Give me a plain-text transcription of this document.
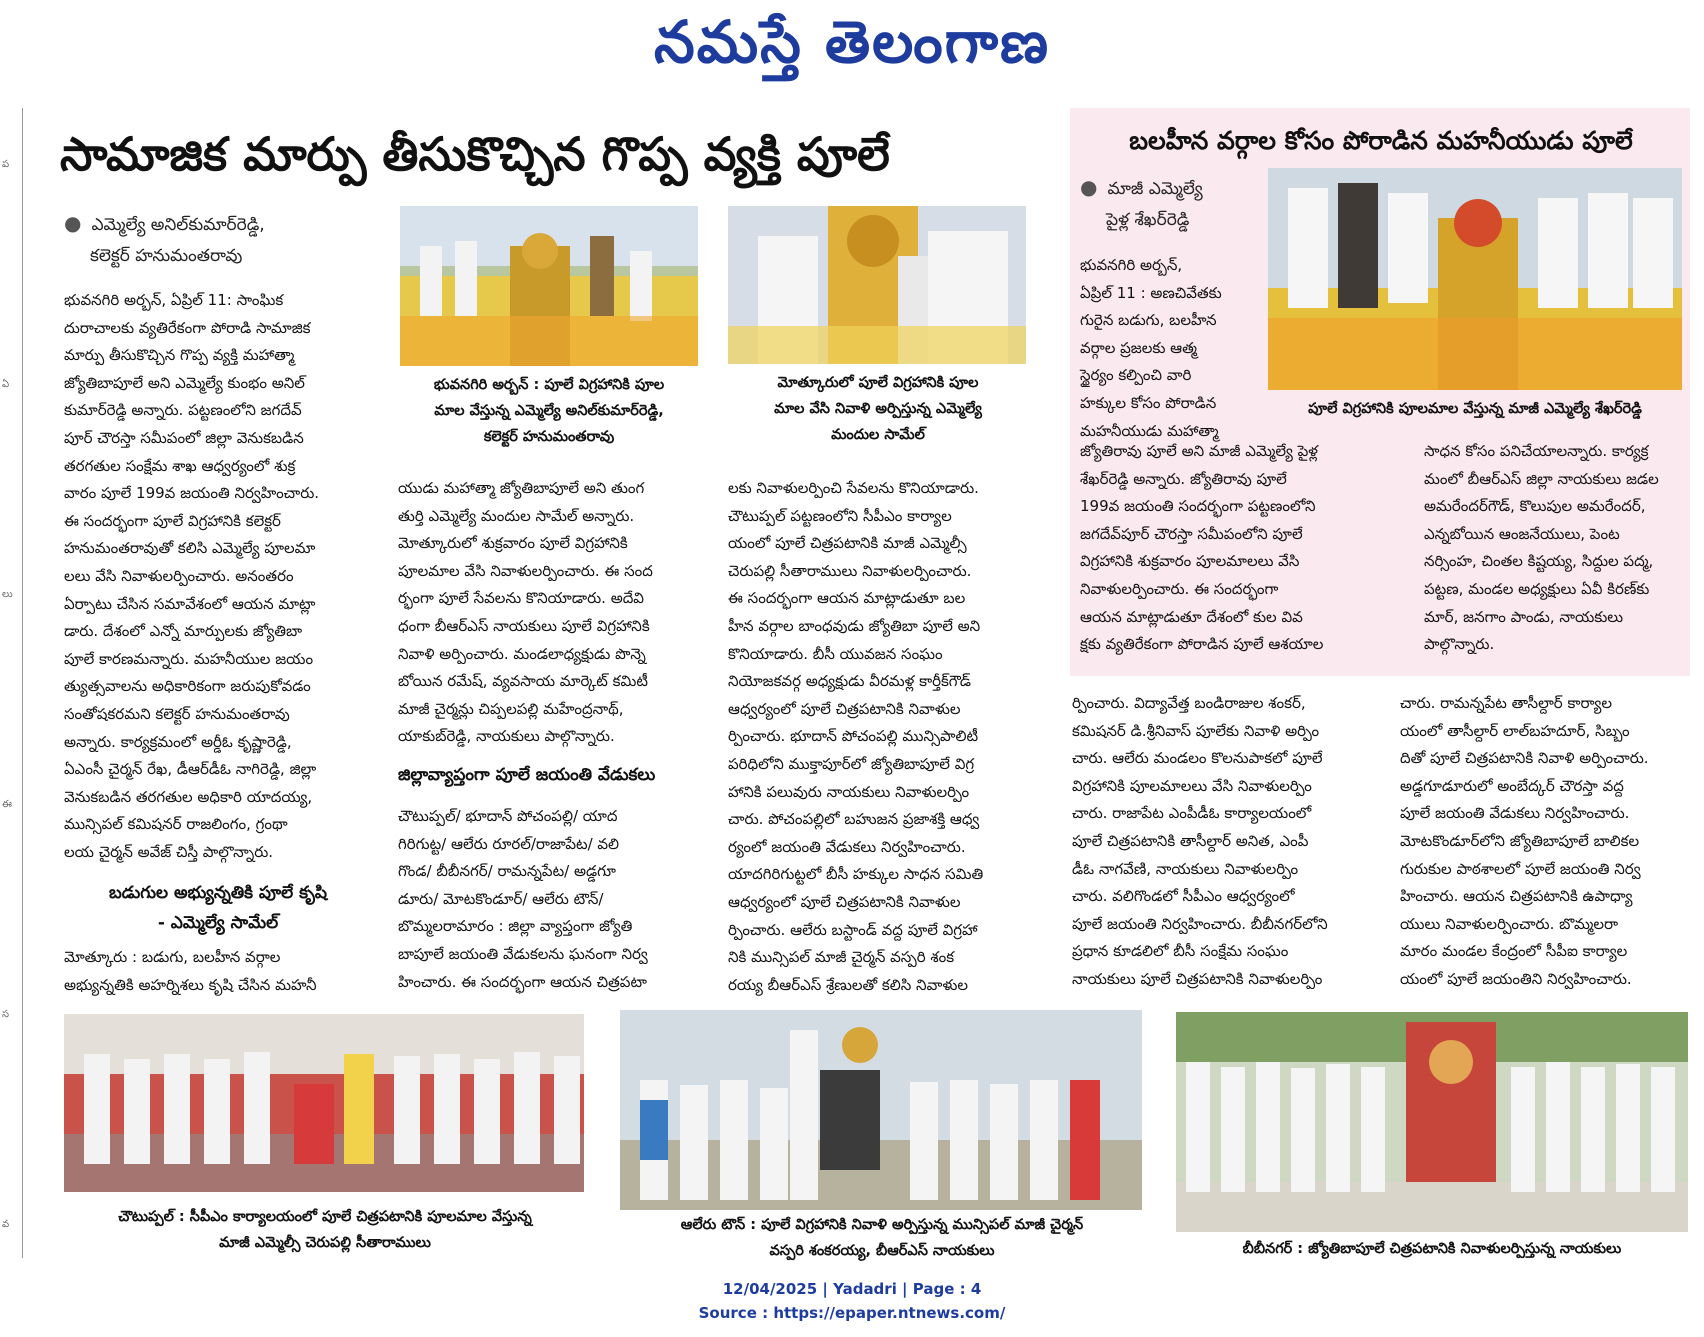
నమస్తే తెలంగాణ
ప
ఏ
లు
ఈ
స
వ
సామాజిక మార్పు తీసుకొచ్చిన గొప్ప వ్యక్తి పూలే
● ఎమ్మెల్యే అనిల్‌కుమార్‌రెడ్డి,
కలెక్టర్ హనుమంతరావు
భువనగిరి అర్బన్, ఏప్రిల్ 11: సాంఘిక
దురాచాలకు వ్యతిరేకంగా పోరాడి సామాజిక
మార్పు తీసుకొచ్చిన గొప్ప వ్యక్తి మహాత్మా
జ్యోతిబాపూలే అని ఎమ్మెల్యే కుంభం అనిల్
కుమార్‌రెడ్డి అన్నారు. పట్టణంలోని జగదేవ్
పూర్ చౌరస్తా సమీపంలో జిల్లా వెనుకబడిన
తరగతుల సంక్షేమ శాఖ ఆధ్వర్యంలో శుక్ర
వారం పూలే 199వ జయంతి నిర్వహించారు.
ఈ సందర్భంగా పూలే విగ్రహానికి కలెక్టర్
హనుమంతరావుతో కలిసి ఎమ్మెల్యే పూలమా
లలు వేసి నివాళులర్పించారు. అనంతరం
ఏర్పాటు చేసిన సమావేశంలో ఆయన మాట్లా
డారు. దేశంలో ఎన్నో మార్పులకు జ్యోతిబా
పూలే కారణమన్నారు. మహనీయుల జయం
త్యుత్సవాలను అధికారికంగా జరుపుకోవడం
సంతోషకరమని కలెక్టర్ హనుమంతరావు
అన్నారు. కార్యక్రమంలో అర్డీఓ కృష్ణారెడ్డి,
ఏఎంసీ చైర్మన్ రేఖ, డీఆర్‌డీఓ నాగిరెడ్డి, జిల్లా
వెనుకబడిన తరగతుల అధికారి యాదయ్య,
మున్సిపల్ కమిషనర్ రాజలింగం, గ్రంథా
లయ చైర్మన్ అవేజ్ చిస్తీ పాల్గొన్నారు.
బడుగుల అభ్యున్నతికి పూలే కృషి
- ఎమ్మెల్యే సామేల్
మోత్కూరు : బడుగు, బలహీన వర్గాల
అభ్యున్నతికి అహర్నిశలు కృషి చేసిన మహనీ
భువనగిరి అర్బన్ : పూలే విగ్రహానికి పూల
మాల వేస్తున్న ఎమ్మెల్యే అనిల్‌కుమార్‌రెడ్డి,
కలెక్టర్ హనుమంతరావు
మోత్కూరులో పూలే విగ్రహానికి పూల
మాల వేసి నివాళి అర్పిస్తున్న ఎమ్మెల్యే
మందుల సామేల్
యుడు మహాత్మా జ్యోతిబాపూలే అని తుంగ
తుర్తి ఎమ్మెల్యే మందుల సామేల్ అన్నారు.
మోత్కూరులో శుక్రవారం పూలే విగ్రహానికి
పూలమాల వేసి నివాళులర్పించారు. ఈ సంద
ర్భంగా పూలే సేవలను కొనియాడారు. అదేవి
ధంగా బీఆర్ఎస్ నాయకులు పూలే విగ్రహానికి
నివాళి అర్పించారు. మండలాధ్యక్షుడు పొన్నె
బోయిన రమేష్, వ్యవసాయ మార్కెట్ కమిటీ
మాజీ చైర్మన్లు చిప్పలపల్లి మహేంద్రనాథ్,
యాకుబ్‌రెడ్డి, నాయకులు పాల్గొన్నారు.
జిల్లావ్యాప్తంగా పూలే జయంతి వేడుకలు
చౌటుప్పల్/ భూదాన్ పోచంపల్లి/ యాద
గిరిగుట్ట/ ఆలేరు రూరల్/రాజాపేట/ వలి
గొండ/ బీబీనగర్/ రామన్నపేట/ అడ్డగూ
డూరు/ మోటకొండూర్/ ఆలేరు టౌన్/
బొమ్మలరామారం : జిల్లా వ్యాప్తంగా జ్యోతి
బాపూలే జయంతి వేడుకలను ఘనంగా నిర్వ
హించారు. ఈ సందర్భంగా ఆయన చిత్రపటా
లకు నివాళులర్పించి సేవలను కొనియాడారు.
చౌటుప్పల్ పట్టణంలోని సీపీఎం కార్యాల
యంలో పూలే చిత్రపటానికి మాజీ ఎమ్మెల్సీ
చెరుపల్లి సీతారాములు నివాళులర్పించారు.
ఈ సందర్భంగా ఆయన మాట్లాడుతూ బల
హీన వర్గాల బాంధవుడు జ్యోతిబా పూలే అని
కొనియాడారు. బీసీ యువజన సంఘం
నియోజకవర్గ అధ్యక్షుడు వీరమళ్ల కార్తీక్‌గౌడ్
ఆధ్వర్యంలో పూలే చిత్రపటానికి నివాళుల
ర్పించారు. భూదాన్ పోచంపల్లి మున్సిపాలిటీ
పరిధిలోని ముక్తాపూర్‌లో జ్యోతిబాపూలే విగ్ర
హానికి పలువురు నాయకులు నివాళులర్పిం
చారు. పోచంపల్లిలో బహుజన ప్రజాశక్తి ఆధ్వ
ర్యంలో జయంతి వేడుకలు నిర్వహించారు.
యాదగిరిగుట్టలో బీసీ హక్కుల సాధన సమితి
ఆధ్వర్యంలో పూలే చిత్రపటానికి నివాళుల
ర్పించారు. ఆలేరు బస్టాండ్ వద్ద పూలే విగ్రహా
నికి మున్సిపల్ మాజీ చైర్మన్ వస్పరి శంక
రయ్య బీఆర్ఎస్ శ్రేణులతో కలిసి నివాళుల
బలహీన వర్గాల కోసం పోరాడిన మహనీయుడు పూలే
● మాజీ ఎమ్మెల్యే
పైళ్ల శేఖర్‌రెడ్డి
భువనగిరి అర్బన్,
ఏప్రిల్ 11 : అణచివేతకు
గురైన బడుగు, బలహీన
వర్గాల ప్రజలకు ఆత్మ
స్థైర్యం కల్పించి వారి
హక్కుల కోసం పోరాడిన
మహనీయుడు మహాత్మా
పూలే విగ్రహానికి పూలమాల వేస్తున్న మాజీ ఎమ్మెల్యే శేఖర్‌రెడ్డి
జ్యోతిరావు పూలే అని మాజీ ఎమ్మెల్యే పైళ్ల
శేఖర్‌రెడ్డి అన్నారు. జ్యోతిరావు పూలే
199వ జయంతి సందర్భంగా పట్టణంలోని
జగదేవ్‌పూర్ చౌరస్తా సమీపంలోని పూలే
విగ్రహానికి శుక్రవారం పూలమాలలు వేసి
నివాళులర్పించారు. ఈ సందర్భంగా
ఆయన మాట్లాడుతూ దేశంలో కుల వివ
క్షకు వ్యతిరేకంగా పోరాడిన పూలే ఆశయాల
సాధన కోసం పనిచేయాలన్నారు. కార్యక్ర
మంలో బీఆర్ఎస్ జిల్లా నాయకులు జడల
అమరేందర్‌గౌడ్, కొలుపుల అమరేందర్,
ఎన్నబోయిన ఆంజనేయులు, పెంట
నర్సింహ, చింతల కిష్టయ్య, సిద్దుల పద్మ,
పట్టణ, మండల అధ్యక్షులు ఏవీ కిరణ్‌కు
మార్, జనగాం పాండు, నాయకులు
పాల్గొన్నారు.
ర్పించారు. విద్యావేత్త బండిరాజుల శంకర్,
కమిషనర్ డి.శ్రీనివాస్ పూలేకు నివాళి అర్పిం
చారు. ఆలేరు మండలం కొలనుపాకలో పూలే
విగ్రహానికి పూలమాలలు వేసి నివాళులర్పిం
చారు. రాజాపేట ఎంపీడీఓ కార్యాలయంలో
పూలే చిత్రపటానికి తాసీల్దార్ అనిత, ఎంపీ
డీఓ నాగవేణి, నాయకులు నివాళులర్పిం
చారు. వలిగొండలో సీపీఎం ఆధ్వర్యంలో
పూలే జయంతి నిర్వహించారు. బీబీనగర్‌లోని
ప్రధాన కూడలిలో బీసీ సంక్షేమ సంఘం
నాయకులు పూలే చిత్రపటానికి నివాళులర్పిం
చారు. రామన్నపేట తాసీల్దార్ కార్యాల
యంలో తాసీల్దార్ లాల్‌బహదూర్, సిబ్బం
దితో పూలే చిత్రపటానికి నివాళి అర్పించారు.
అడ్డగూడూరులో అంబేద్కర్ చౌరస్తా వద్ద
పూలే జయంతి వేడుకలు నిర్వహించారు.
మోటకొండూర్‌లోని జ్యోతిబాపూలే బాలికల
గురుకుల పాఠశాలలో పూలే జయంతి నిర్వ
హించారు. ఆయన చిత్రపటానికి ఉపాధ్యా
యులు నివాళులర్పించారు. బొమ్మలరా
మారం మండల కేంద్రంలో సీపీఐ కార్యాల
యంలో పూలే జయంతిని నిర్వహించారు.
చౌటుప్పల్ : సీపీఎం కార్యాలయంలో పూలే చిత్రపటానికి పూలమాల వేస్తున్న
మాజీ ఎమ్మెల్సీ చెరుపల్లి సీతారాములు
ఆలేరు టౌన్ : పూలే విగ్రహానికి నివాళి అర్పిస్తున్న మున్సిపల్ మాజీ చైర్మన్
వస్పరి శంకరయ్య, బీఆర్ఎస్ నాయకులు	బీబీనగర్ : జ్యోతిబాపూలే చిత్రపటానికి నివాళులర్పిస్తున్న నాయకులు
12/04/2025 | Yadadri | Page : 4
Source : https://epaper.ntnews.com/
